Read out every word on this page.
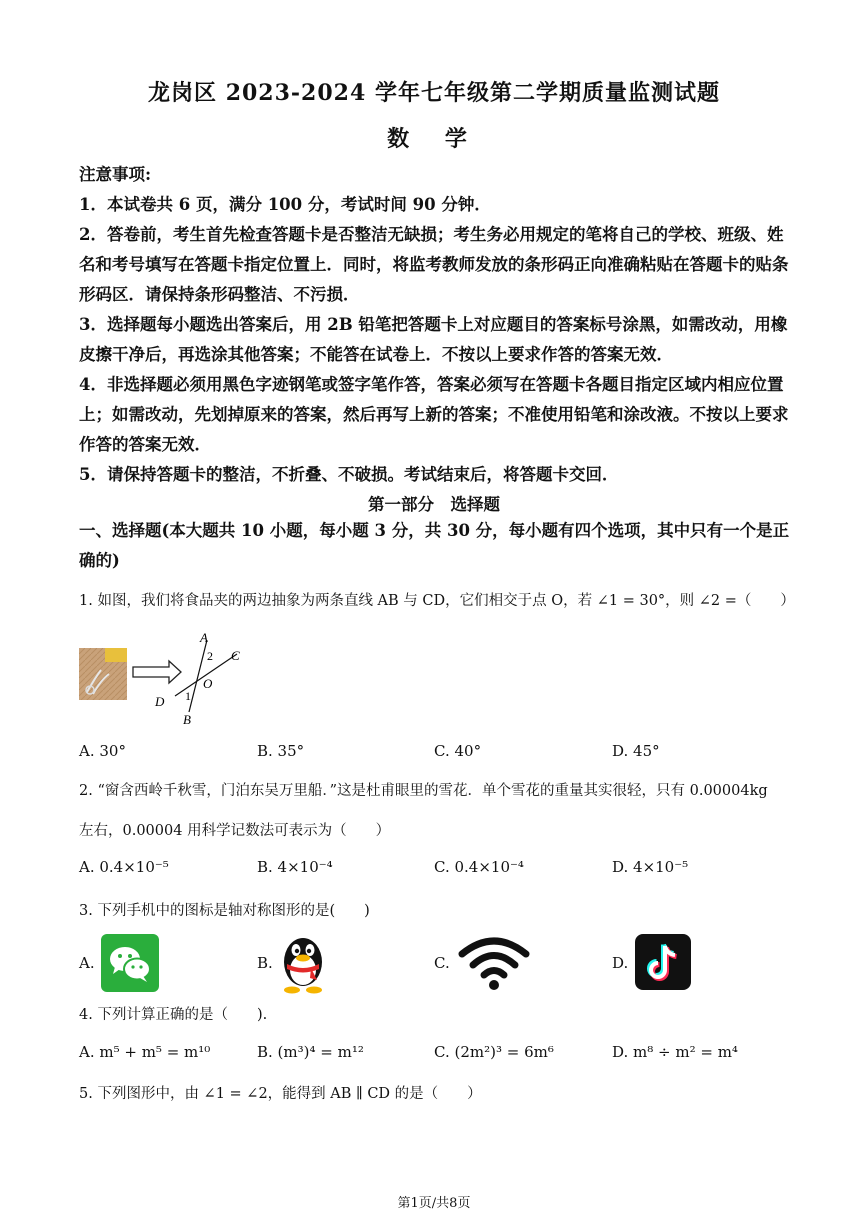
龙岗区 2023-2024 学年七年级第二学期质量监测试题
数 学

注意事项:

1．本试卷共 6 页，满分 100 分，考试时间 90 分钟．

2．答卷前，考生首先检查答题卡是否整洁无缺损；考生务必用规定的笔将自己的学校、班级、姓名和考号填写在答题卡指定位置上．同时，将监考教师发放的条形码正向准确粘贴在答题卡的贴条形码区．请保持条形码整洁、不污损．

3．选择题每小题选出答案后，用 2B 铅笔把答题卡上对应题目的答案标号涂黑，如需改动，用橡皮擦干净后，再选涂其他答案；不能答在试卷上．不按以上要求作答的答案无效．

4．非选择题必须用黑色字迹钢笔或签字笔作答，答案必须写在答题卡各题目指定区域内相应位置上；如需改动，先划掉原来的答案，然后再写上新的答案；不准使用铅笔和涂改液。不按以上要求作答的答案无效．

5．请保持答题卡的整洁，不折叠、不破损。考试结束后，将答题卡交回．

第一部分　选择题
一、选择题(本大题共 10 小题，每小题 3 分，共 30 分，每小题有四个选项，其中只有一个是正确的)
1. 如图，我们将食品夹的两边抽象为两条直线 AB 与 CD，它们相交于点 O，若 ∠1 = 30°，则 ∠2 =（　　）
A
B
C
D
O
1
2
A. 30°	B. 35°	C. 40°	D. 45°
2. “窗含西岭千秋雪，门泊东吴万里船．”这是杜甫眼里的雪花．单个雪花的重量其实很轻，只有 0.00004kg
左右，0.00004 用科学记数法可表示为（　　）
A. 0.4×10⁻⁵	B. 4×10⁻⁴	C. 0.4×10⁻⁴	D. 4×10⁻⁵
3. 下列手机中的图标是轴对称图形的是(　　)
A.	B.	C.	D.
4. 下列计算正确的是（　　).
A. m⁵ + m⁵ = m¹⁰	B. (m³)⁴ = m¹²	C. (2m²)³ = 6m⁶	D. m⁸ ÷ m² = m⁴
5. 下列图形中，由 ∠1 = ∠2，能得到 AB ∥ CD 的是（　　）
第1页/共8页
